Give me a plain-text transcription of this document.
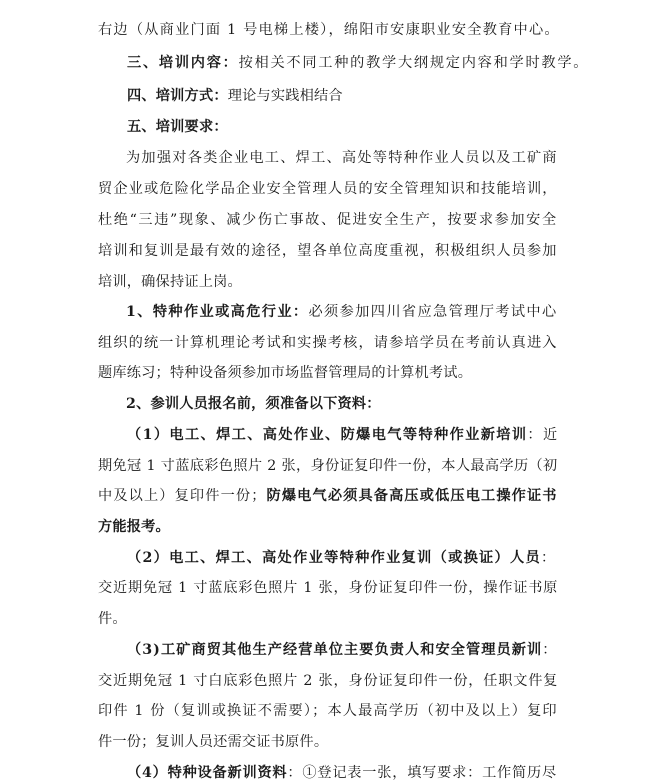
右边（从商业门面 1 号电梯上楼），绵阳市安康职业安全教育中心。
三、培训内容：按相关不同工种的教学大纲规定内容和学时教学。
四、培训方式：理论与实践相结合
五、培训要求：
为加强对各类企业电工、焊工、高处等特种作业人员以及工矿商
贸企业或危险化学品企业安全管理人员的安全管理知识和技能培训，
杜绝“三违”现象、减少伤亡事故、促进安全生产，按要求参加安全
培训和复训是最有效的途径，望各单位高度重视，积极组织人员参加
培训，确保持证上岗。
1、特种作业或高危行业：必须参加四川省应急管理厅考试中心
组织的统一计算机理论考试和实操考核，请参培学员在考前认真进入
题库练习；特种设备须参加市场监督管理局的计算机考试。
2、参训人员报名前，须准备以下资料：
（1）电工、焊工、高处作业、防爆电气等特种作业新培训：近
期免冠 1 寸蓝底彩色照片 2 张，身份证复印件一份，本人最高学历（初
中及以上）复印件一份；防爆电气必须具备高压或低压电工操作证书
方能报考。
（2）电工、焊工、高处作业等特种作业复训（或换证）人员：
交近期免冠 1 寸蓝底彩色照片 1 张，身份证复印件一份，操作证书原
件。
（3)工矿商贸其他生产经营单位主要负责人和安全管理员新训：
交近期免冠 1 寸白底彩色照片 2 张，身份证复印件一份，任职文件复
印件 1 份（复训或换证不需要）；本人最高学历（初中及以上）复印
件一份；复训人员还需交证书原件。
（4）特种设备新训资料：①登记表一张，填写要求：工作简历尽
